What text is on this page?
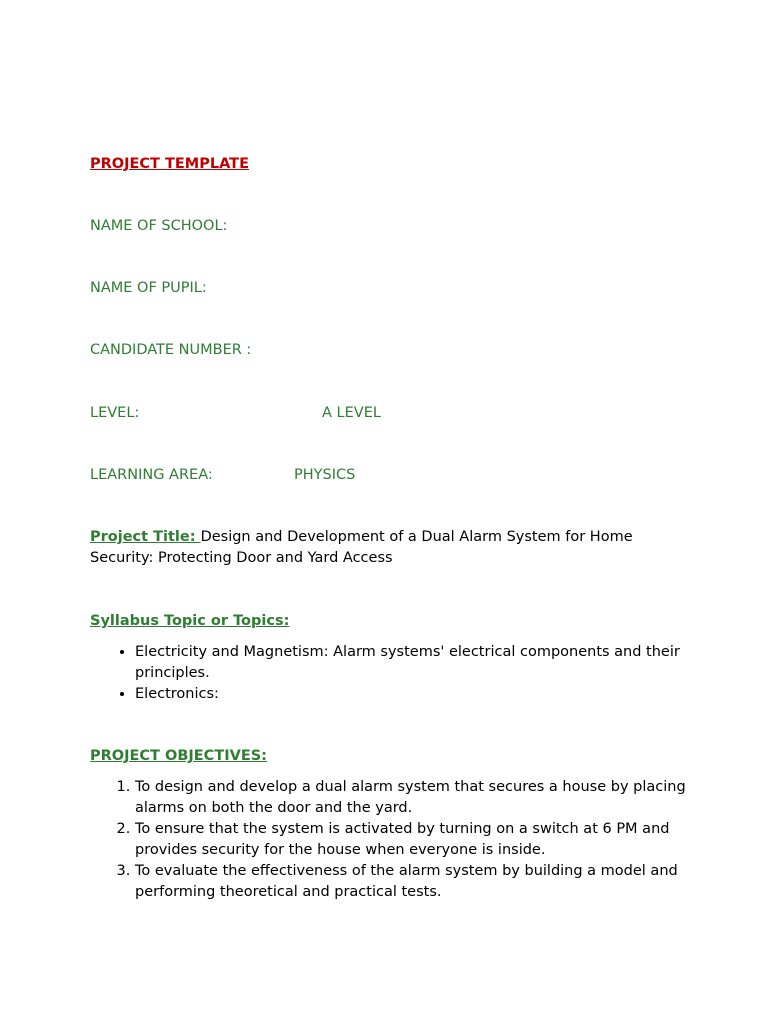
PROJECT TEMPLATE
NAME OF SCHOOL:
NAME OF PUPIL:
CANDIDATE NUMBER :
LEVEL:	A LEVEL
LEARNING AREA:	PHYSICS
Project Title: Design and Development of a Dual Alarm System for Home Security: Protecting Door and Yard Access
Syllabus Topic or Topics:
• Electricity and Magnetism: Alarm systems' electrical components and their principles.
• Electronics:
PROJECT OBJECTIVES:
1. To design and develop a dual alarm system that secures a house by placing alarms on both the door and the yard.
2. To ensure that the system is activated by turning on a switch at 6 PM and provides security for the house when everyone is inside.
3. To evaluate the effectiveness of the alarm system by building a model and performing theoretical and practical tests.
